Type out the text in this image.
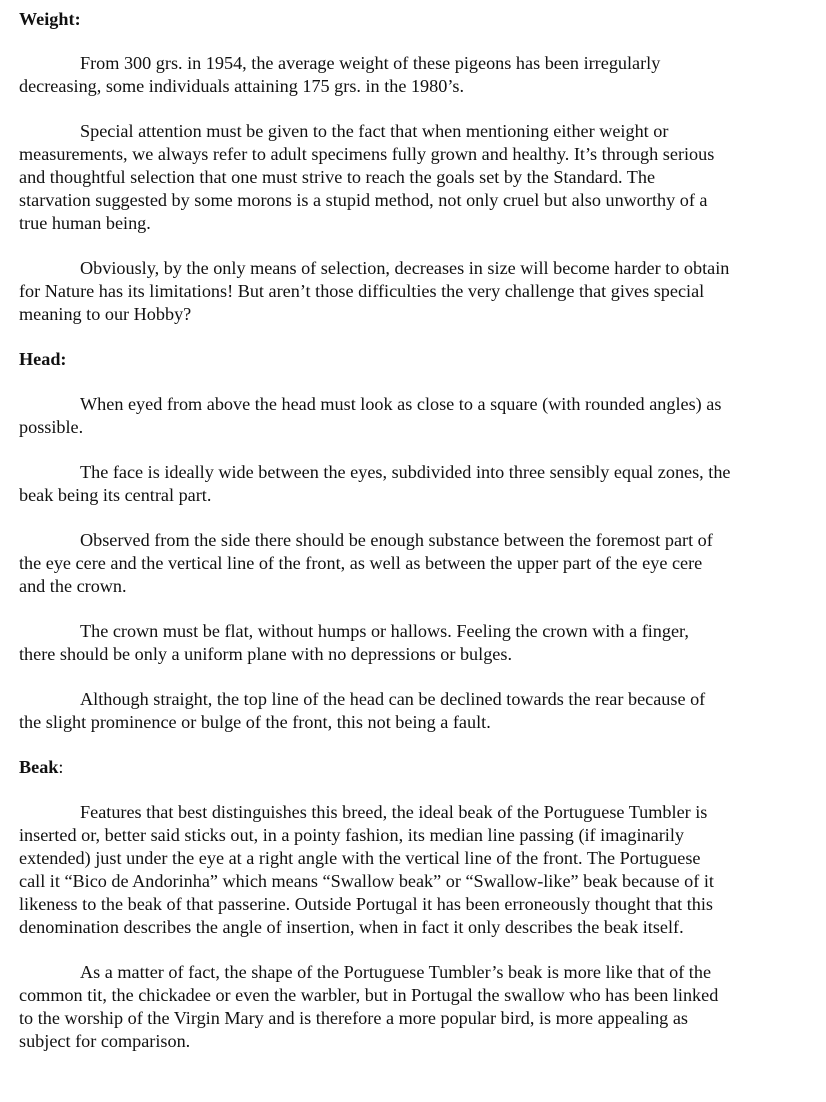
Weight:
From 300 grs. in 1954, the average weight of these pigeons has been irregularly
decreasing, some individuals attaining 175 grs. in the 1980’s.
Special attention must be given to the fact that when mentioning either weight or
measurements, we always refer to adult specimens fully grown and healthy. It’s through serious
and thoughtful selection that one must strive to reach the goals set by the Standard. The
starvation suggested by some morons is a stupid method, not only cruel but also unworthy of a
true human being.
Obviously, by the only means of selection, decreases in size will become harder to obtain
for Nature has its limitations! But aren’t those difficulties the very challenge that gives special
meaning to our Hobby?
Head:
When eyed from above the head must look as close to a square (with rounded angles) as
possible.
The face is ideally wide between the eyes, subdivided into three sensibly equal zones, the
beak being its central part.
Observed from the side there should be enough substance between the foremost part of
the eye cere and the vertical line of the front, as well as between the upper part of the eye cere
and the crown.
The crown must be flat, without humps or hallows. Feeling the crown with a finger,
there should be only a uniform plane with no depressions or bulges.
Although straight, the top line of the head can be declined towards the rear because of
the slight prominence or bulge of the front, this not being a fault.
Beak:
Features that best distinguishes this breed, the ideal beak of the Portuguese Tumbler is
inserted or, better said sticks out, in a pointy fashion, its median line passing (if imaginarily
extended) just under the eye at a right angle with the vertical line of the front. The Portuguese
call it “Bico de Andorinha” which means “Swallow beak” or “Swallow-like” beak because of it
likeness to the beak of that passerine. Outside Portugal it has been erroneously thought that this
denomination describes the angle of insertion, when in fact it only describes the beak itself.
As a matter of fact, the shape of the Portuguese Tumbler’s beak is more like that of the
common tit, the chickadee or even the warbler, but in Portugal the swallow who has been linked
to the worship of the Virgin Mary and is therefore a more popular bird, is more appealing as
subject for comparison.
